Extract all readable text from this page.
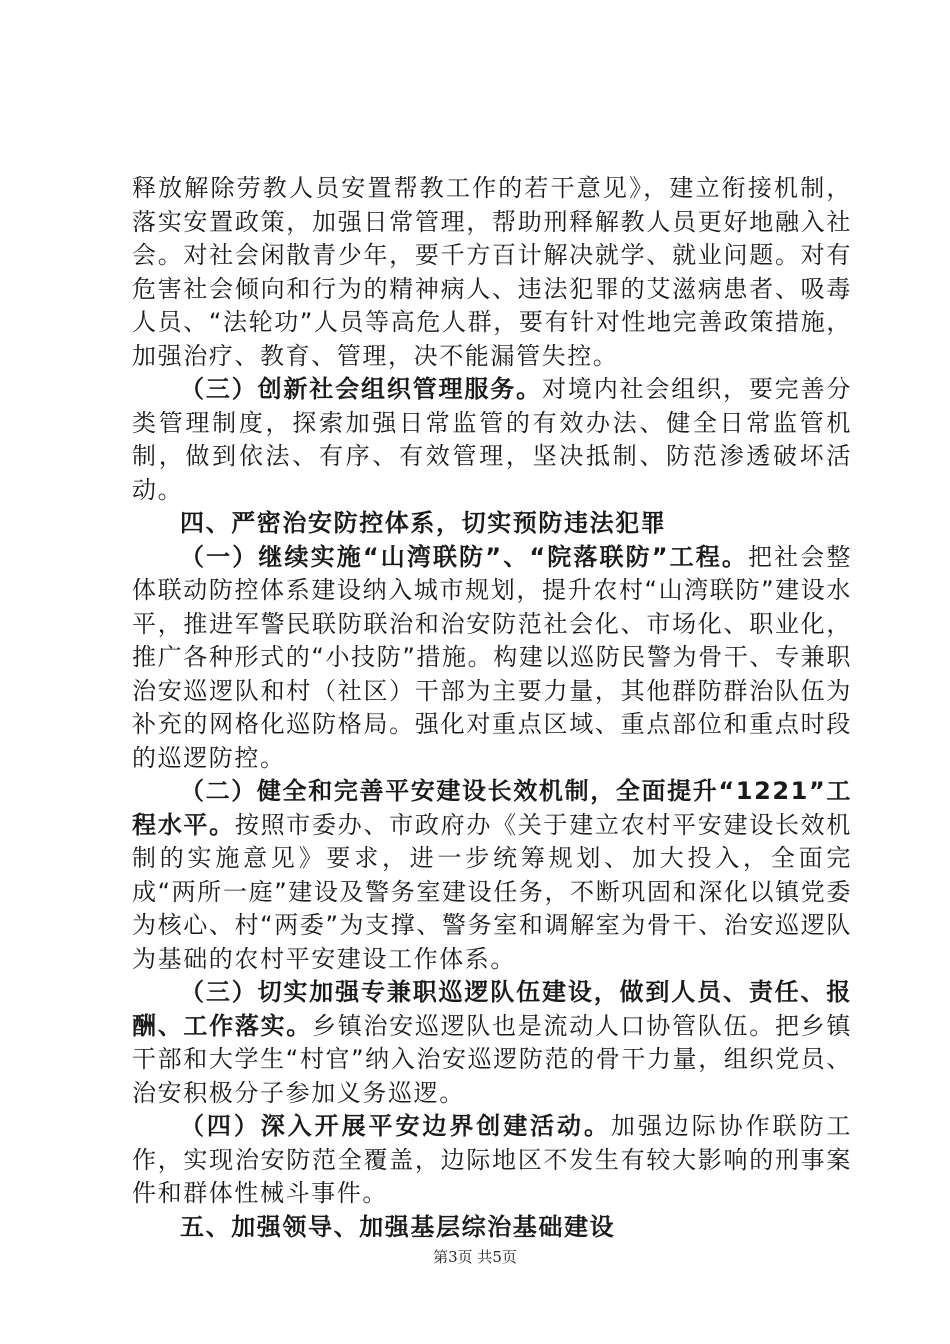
释放解除劳教人员安置帮教工作的若干意见》，建立衔接机制，落实安置政策，加强日常管理，帮助刑释解教人员更好地融入社会。对社会闲散青少年，要千方百计解决就学、就业问题。对有危害社会倾向和行为的精神病人、违法犯罪的艾滋病患者、吸毒人员、“法轮功”人员等高危人群，要有针对性地完善政策措施，加强治疗、教育、管理，决不能漏管失控。

（三）创新社会组织管理服务。对境内社会组织，要完善分类管理制度，探索加强日常监管的有效办法、健全日常监管机制，做到依法、有序、有效管理，坚决抵制、防范渗透破坏活动。

四、严密治安防控体系，切实预防违法犯罪

（一）继续实施“山湾联防”、“院落联防”工程。把社会整体联动防控体系建设纳入城市规划，提升农村“山湾联防”建设水平，推进军警民联防联治和治安防范社会化、市场化、职业化，推广各种形式的“小技防”措施。构建以巡防民警为骨干、专兼职治安巡逻队和村（社区）干部为主要力量，其他群防群治队伍为补充的网格化巡防格局。强化对重点区域、重点部位和重点时段的巡逻防控。

（二）健全和完善平安建设长效机制，全面提升“1221”工程水平。按照市委办、市政府办《关于建立农村平安建设长效机制的实施意见》要求，进一步统筹规划、加大投入，全面完成“两所一庭”建设及警务室建设任务，不断巩固和深化以镇党委为核心、村“两委”为支撑、警务室和调解室为骨干、治安巡逻队为基础的农村平安建设工作体系。

（三）切实加强专兼职巡逻队伍建设，做到人员、责任、报酬、工作落实。乡镇治安巡逻队也是流动人口协管队伍。把乡镇干部和大学生“村官”纳入治安巡逻防范的骨干力量，组织党员、治安积极分子参加义务巡逻。

（四）深入开展平安边界创建活动。加强边际协作联防工作，实现治安防范全覆盖，边际地区不发生有较大影响的刑事案件和群体性械斗事件。

五、加强领导、加强基层综治基础建设

第3页 共5页
